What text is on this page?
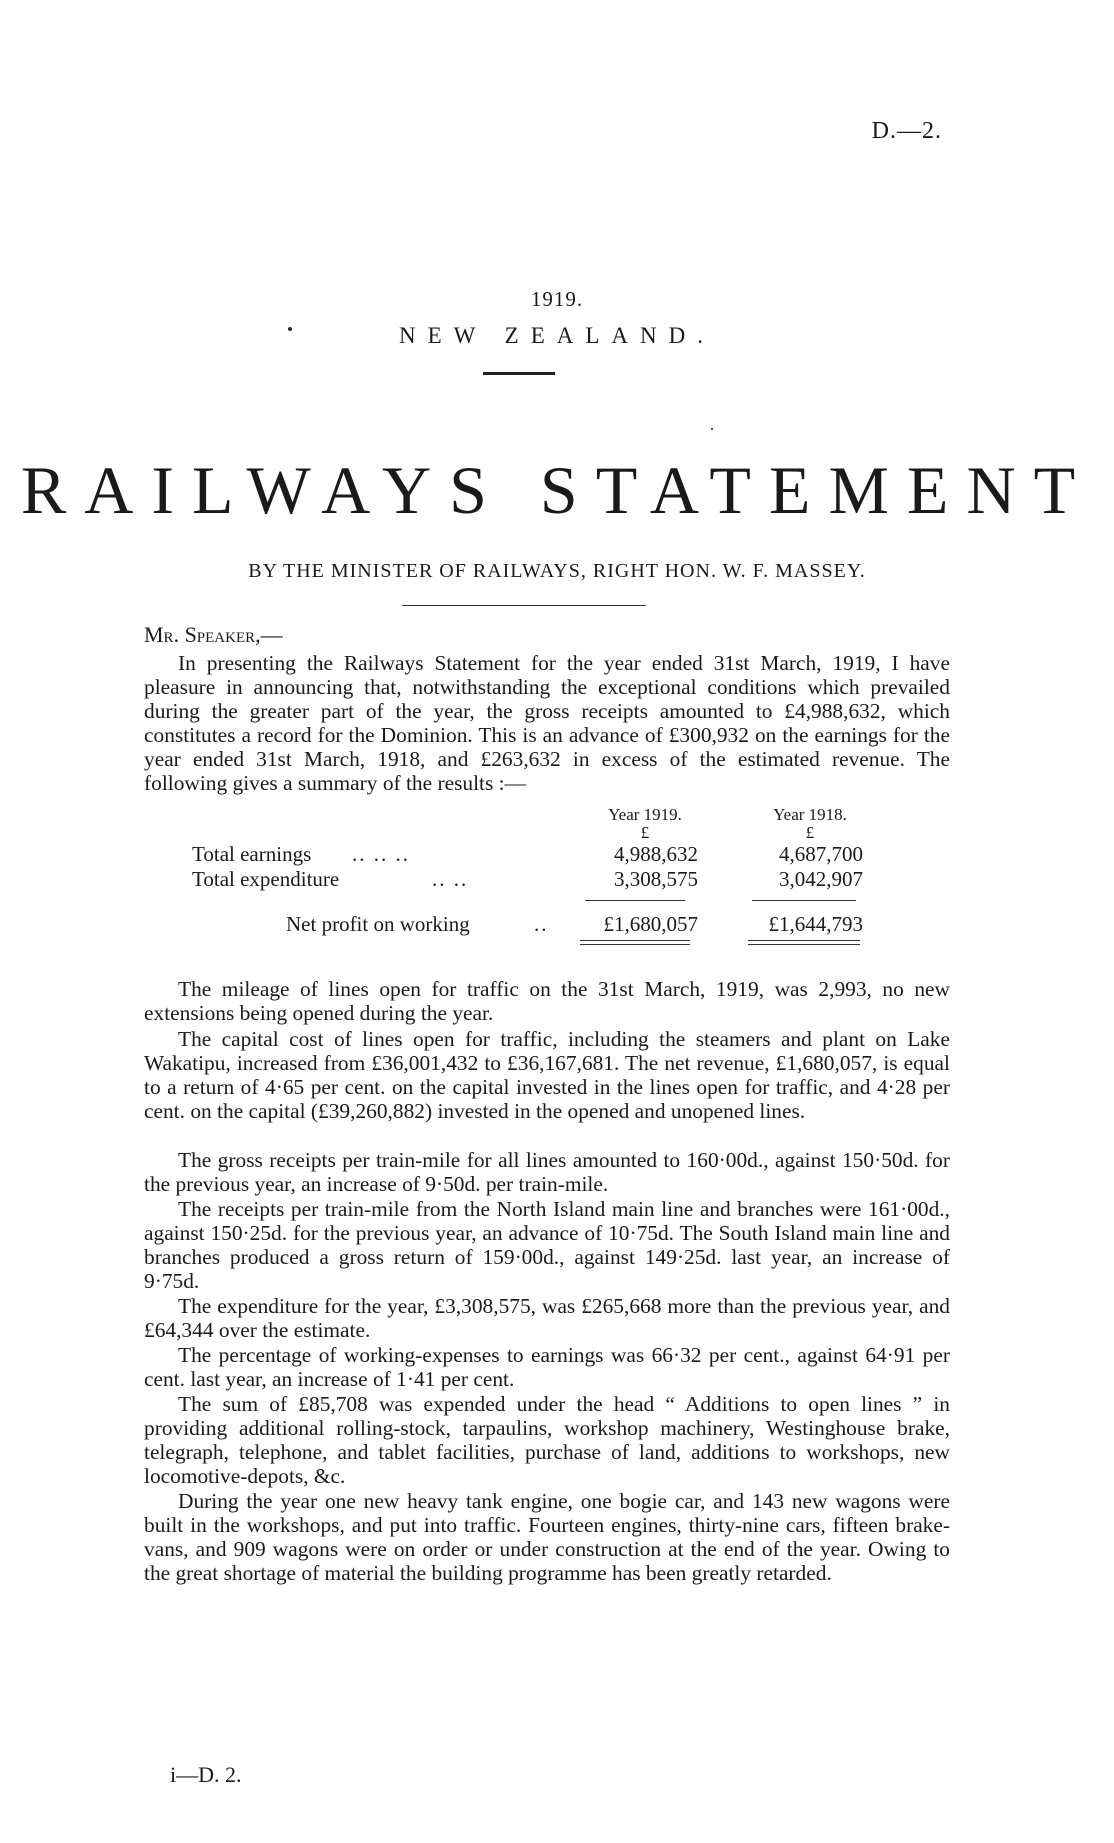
D.—2.
1919.
NEW ZEALAND.
RAILWAYS STATEMENT
BY THE MINISTER OF RAILWAYS, RIGHT HON. W. F. MASSEY.
Mr. Speaker,—
In presenting the Railways Statement for the year ended 31st March, 1919, I have pleasure in announcing that, notwithstanding the exceptional conditions which prevailed during the greater part of the year, the gross receipts amounted to £4,988,632, which constitutes a record for the Dominion. This is an advance of £300,932 on the earnings for the year ended 31st March, 1918, and £263,632 in excess of the estimated revenue. The following gives a summary of the results :—
Year 1919.	Year 1918.
£	£
Total earnings .. .. ..	4,988,632	4,687,700
Total expenditure	.. ..	3,308,575	3,042,907
Net profit on working	..	£1,680,057	£1,644,793
The mileage of lines open for traffic on the 31st March, 1919, was 2,993, no new extensions being opened during the year.
The capital cost of lines open for traffic, including the steamers and plant on Lake Wakatipu, increased from £36,001,432 to £36,167,681. The net revenue, £1,680,057, is equal to a return of 4·65 per cent. on the capital invested in the lines open for traffic, and 4·28 per cent. on the capital (£39,260,882) invested in the opened and unopened lines.
The gross receipts per train-mile for all lines amounted to 160·00d., against 150·50d. for the previous year, an increase of 9·50d. per train-mile.
The receipts per train-mile from the North Island main line and branches were 161·00d., against 150·25d. for the previous year, an advance of 10·75d. The South Island main line and branches produced a gross return of 159·00d., against 149·25d. last year, an increase of 9·75d.
The expenditure for the year, £3,308,575, was £265,668 more than the previous year, and £64,344 over the estimate.
The percentage of working-expenses to earnings was 66·32 per cent., against 64·91 per cent. last year, an increase of 1·41 per cent.
The sum of £85,708 was expended under the head “ Additions to open lines ” in providing additional rolling-stock, tarpaulins, workshop machinery, Westinghouse brake, telegraph, telephone, and tablet facilities, purchase of land, additions to workshops, new locomotive-depots, &c.
During the year one new heavy tank engine, one bogie car, and 143 new wagons were built in the workshops, and put into traffic. Fourteen engines, thirty-nine cars, fifteen brake-vans, and 909 wagons were on order or under construction at the end of the year. Owing to the great shortage of material the building programme has been greatly retarded.
i—D. 2.
